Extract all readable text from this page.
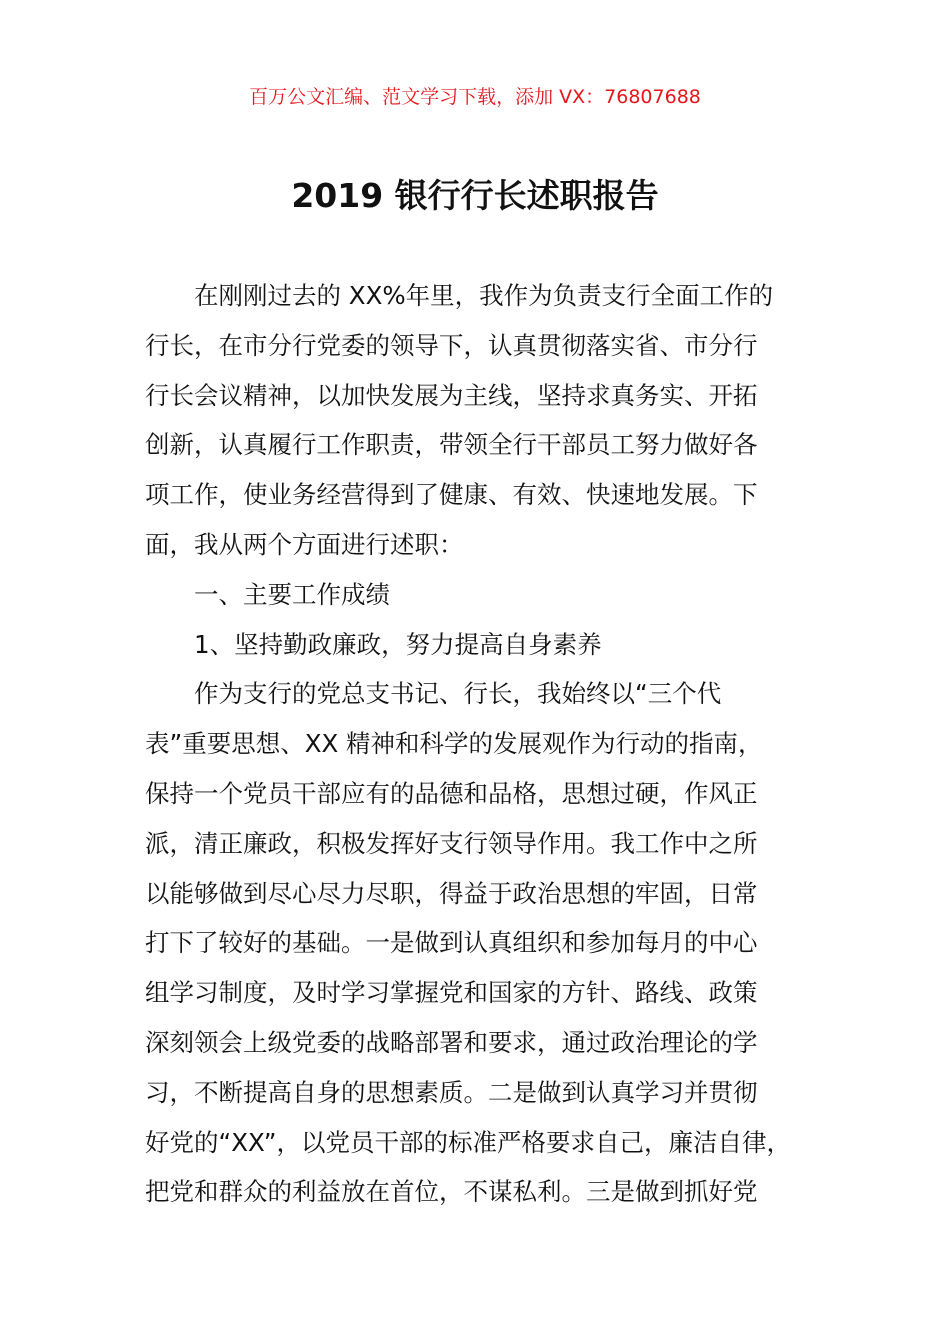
百万公文汇编、范文学习下载，添加 VX：76807688
2019 银行行长述职报告
　　在刚刚过去的 XX%年里，我作为负责支行全面工作的
行长，在市分行党委的领导下，认真贯彻落实省、市分行
行长会议精神，以加快发展为主线，坚持求真务实、开拓
创新，认真履行工作职责，带领全行干部员工努力做好各
项工作，使业务经营得到了健康、有效、快速地发展。下
面，我从两个方面进行述职：
　　一、主要工作成绩
　　1、坚持勤政廉政，努力提高自身素养
　　作为支行的党总支书记、行长，我始终以“三个代
表”重要思想、XX 精神和科学的发展观作为行动的指南，
保持一个党员干部应有的品德和品格，思想过硬，作风正
派，清正廉政，积极发挥好支行领导作用。我工作中之所
以能够做到尽心尽力尽职，得益于政治思想的牢固，日常
打下了较好的基础。一是做到认真组织和参加每月的中心
组学习制度，及时学习掌握党和国家的方针、路线、政策
深刻领会上级党委的战略部署和要求，通过政治理论的学
习，不断提高自身的思想素质。二是做到认真学习并贯彻
好党的“XX”，以党员干部的标准严格要求自己，廉洁自律，
把党和群众的利益放在首位，不谋私利。三是做到抓好党
